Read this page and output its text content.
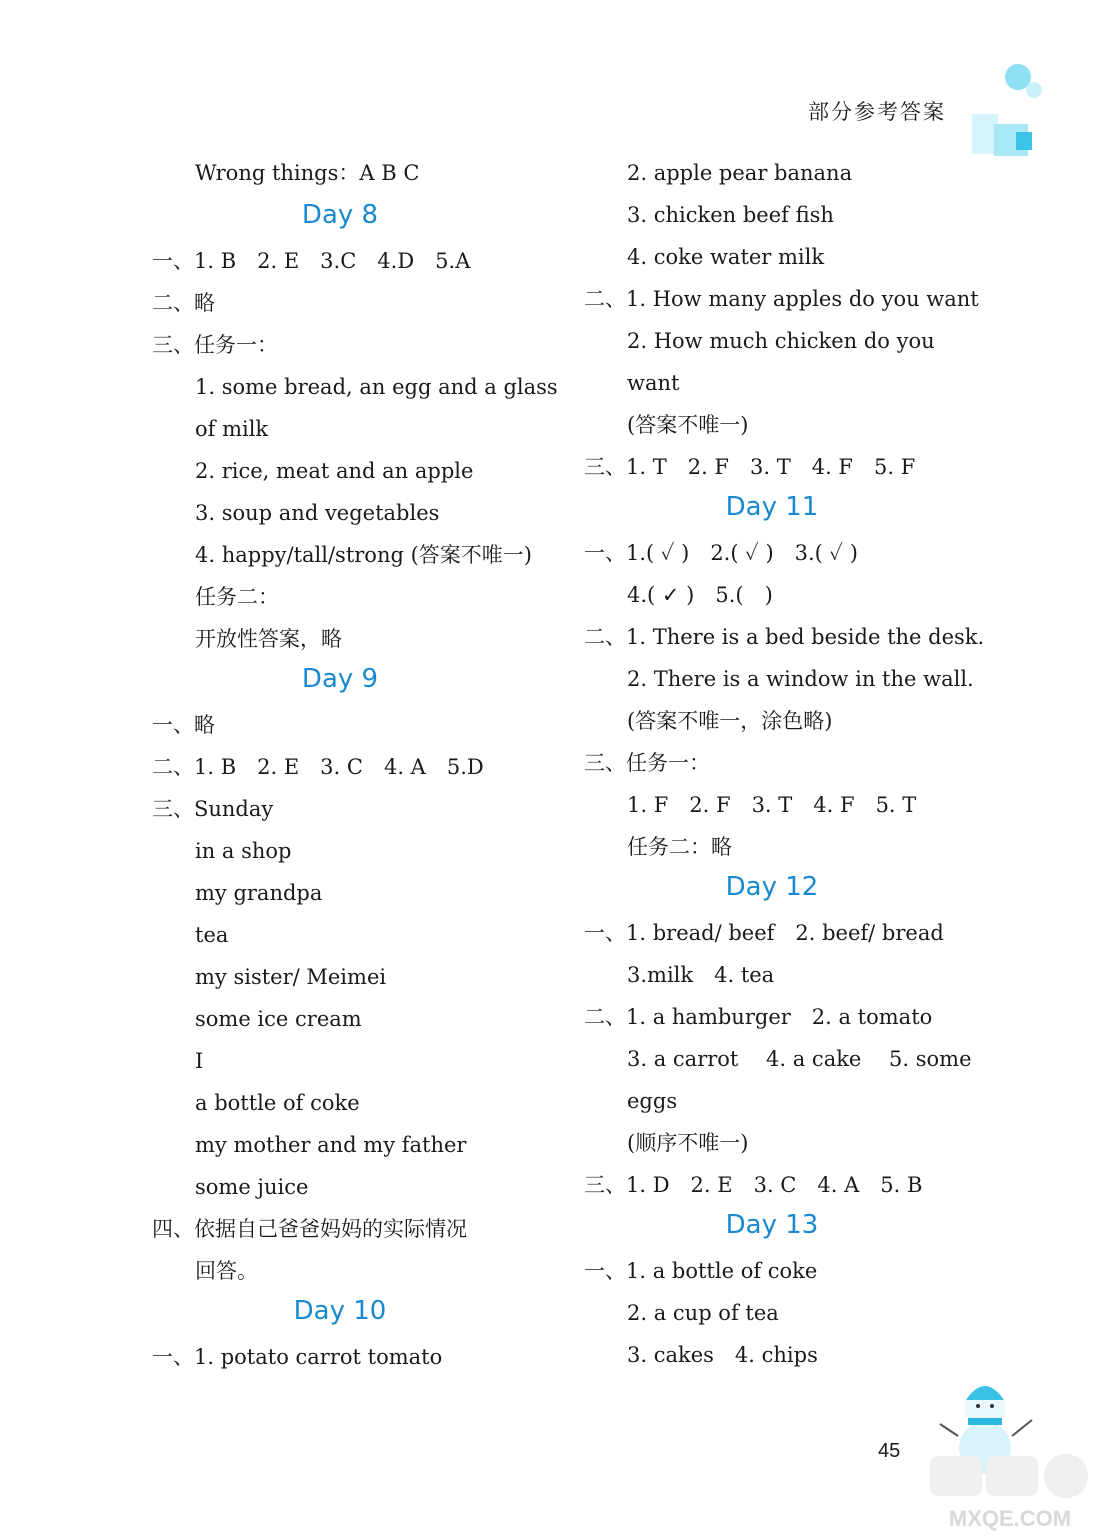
部分参考答案
Wrong things：A B C
Day 8
一、1. B　2. E　3.C　4.D　5.A
二、略
三、任务一：
1. some bread, an egg and a glass
of milk
2. rice, meat and an apple
3. soup and vegetables
4. happy/tall/strong (答案不唯一)
任务二：
开放性答案，略
Day 9
一、略
二、1. B　2. E　3. C　4. A　5.D
三、Sunday
in a shop
my grandpa
tea
my sister/ Meimei
some ice cream
I
a bottle of coke
my mother and my father
some juice
四、依据自己爸爸妈妈的实际情况
回答。
Day 10
一、1. potato carrot tomato
2. apple pear banana
3. chicken beef fish
4. coke water milk
二、1. How many apples do you want
2. How much chicken do you
want
(答案不唯一)
三、1. T　2. F　3. T　4. F　5. F
Day 11
一、1.( ✓ )　2.( ✓ )　3.( ✓ )
4.( ✓ )　5.(　)
二、1. There is a bed beside the desk.
2. There is a window in the wall.
(答案不唯一，涂色略)
三、任务一：
1. F　2. F　3. T　4. F　5. T
任务二：略
Day 12
一、1. bread/ beef　2. beef/ bread
3.milk　4. tea
二、1. a hamburger　2. a tomato
3. a carrot　 4. a cake　 5. some
eggs
(顺序不唯一)
三、1. D　2. E　3. C　4. A　5. B
Day 13
一、1. a bottle of coke
2. a cup of tea
3. cakes　4. chips
45
MXQE.COM
